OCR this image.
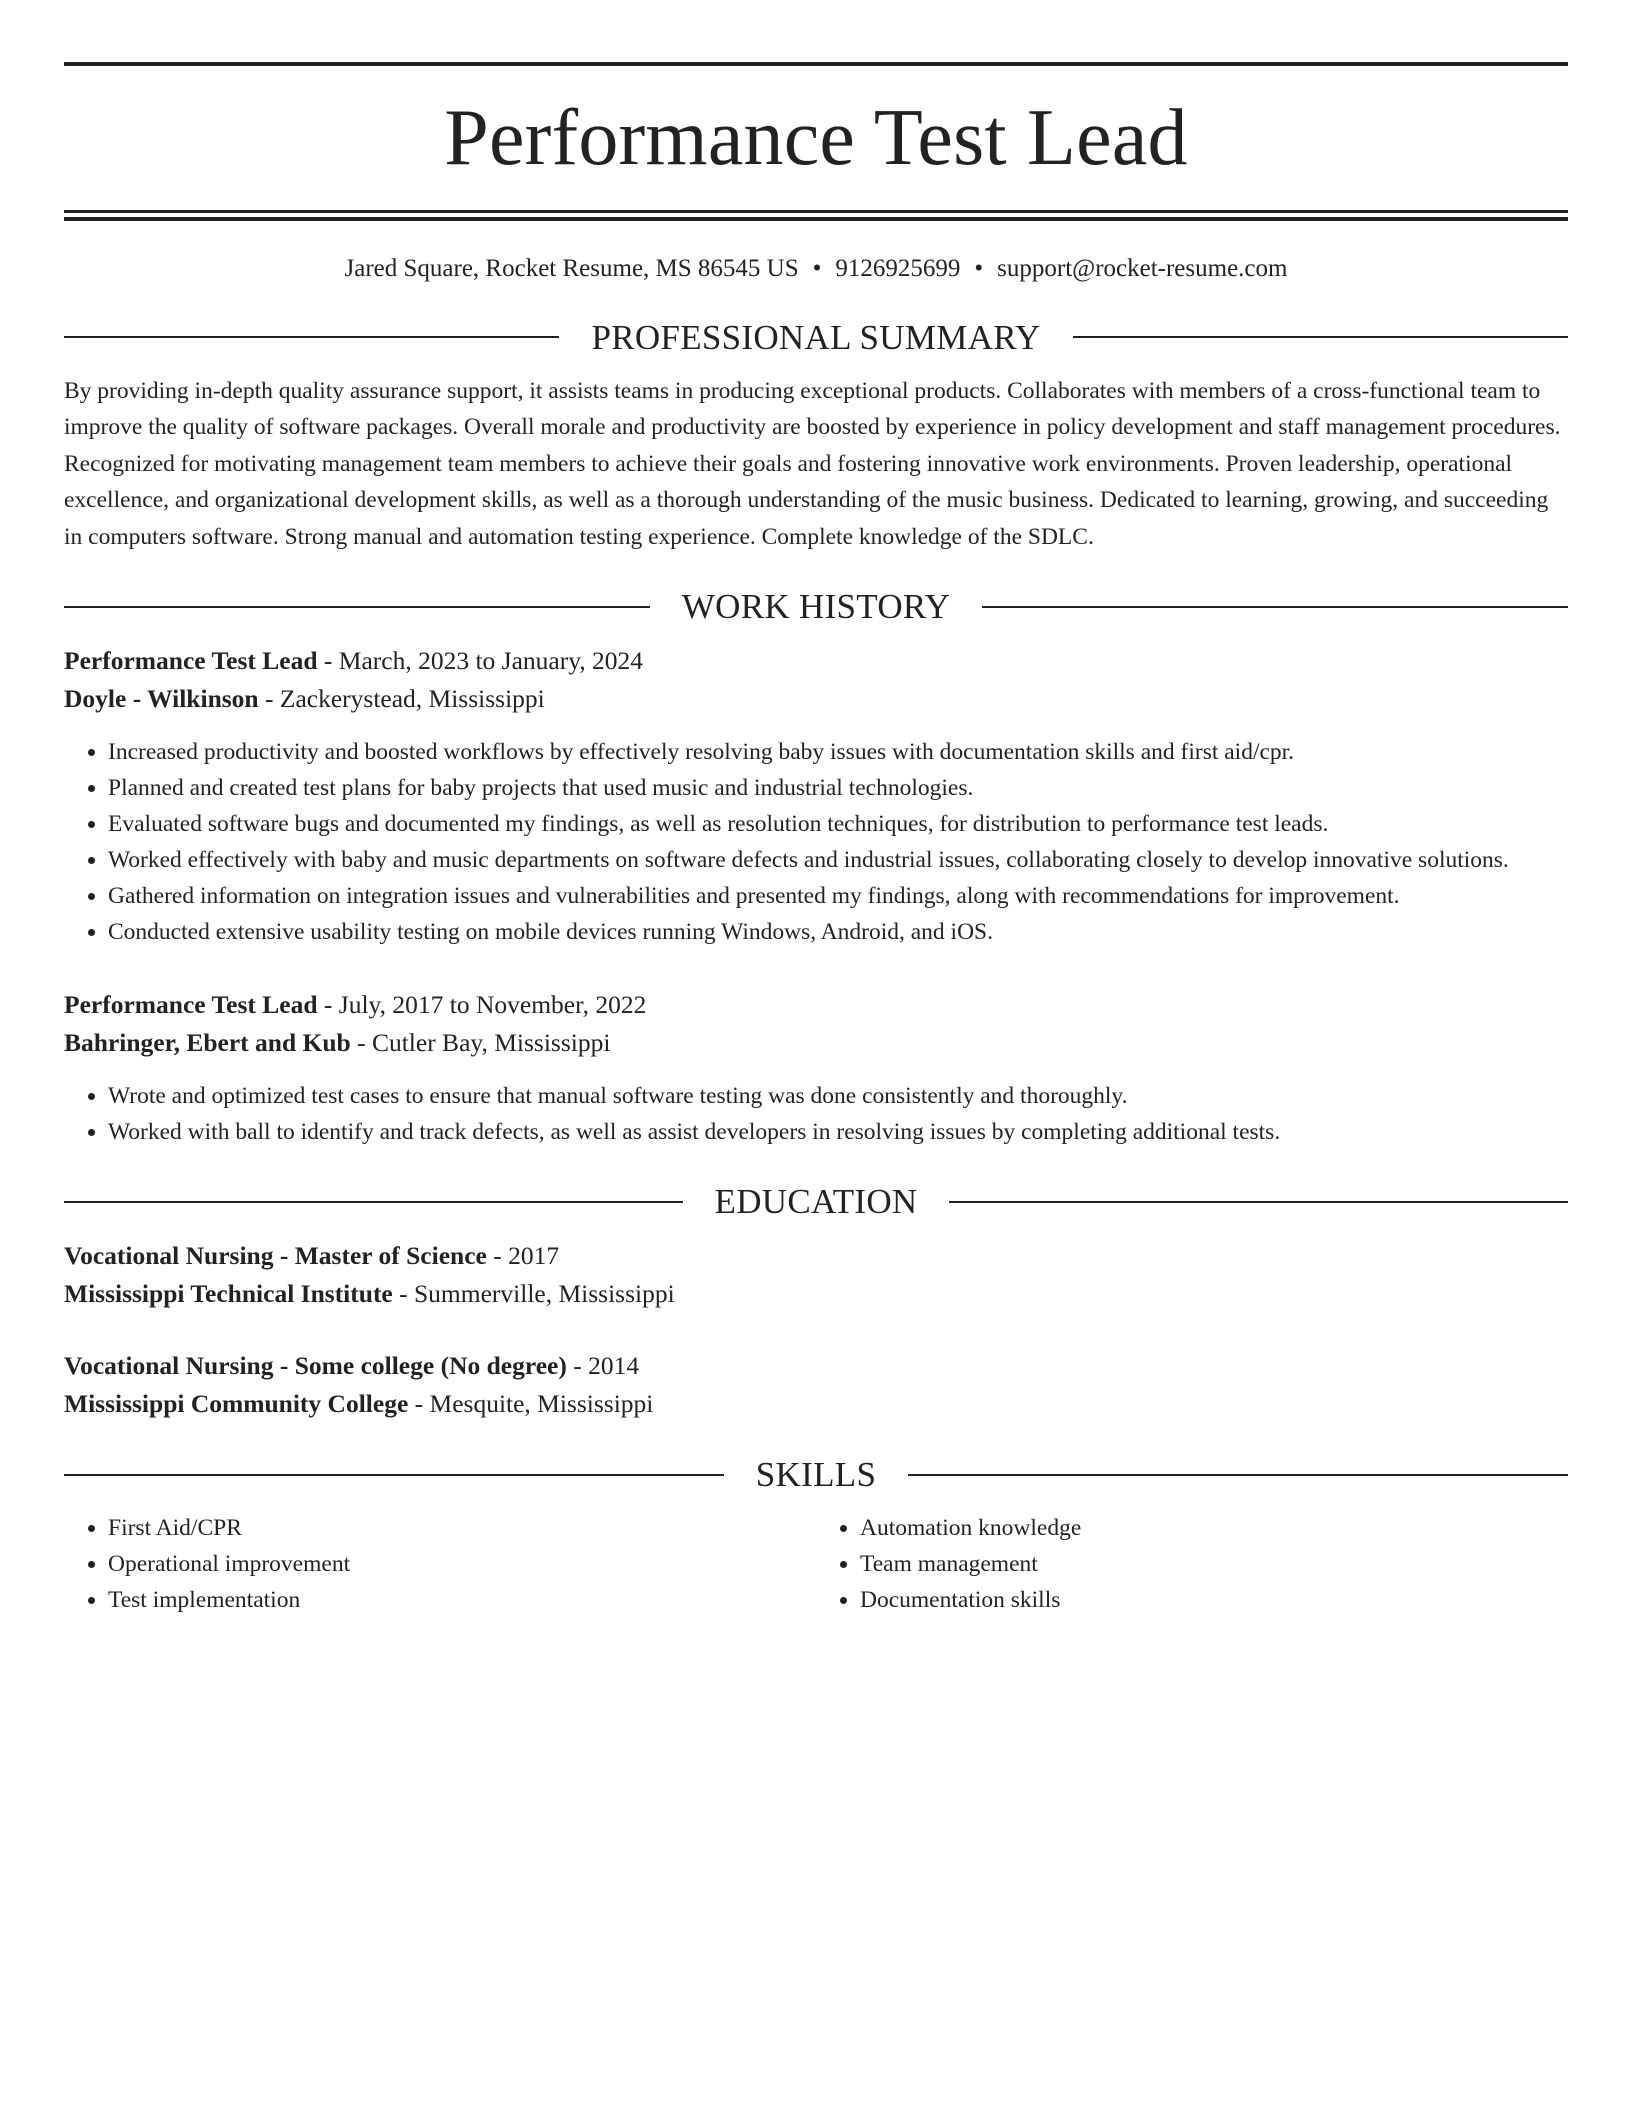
Performance Test Lead
Jared Square, Rocket Resume, MS 86545 US • 9126925699 • support@rocket-resume.com
PROFESSIONAL SUMMARY

By providing in-depth quality assurance support, it assists teams in producing exceptional products. Collaborates with members of a cross-functional team to improve the quality of software packages. Overall morale and productivity are boosted by experience in policy development and staff management procedures. Recognized for motivating management team members to achieve their goals and fostering innovative work environments. Proven leadership, operational excellence, and organizational development skills, as well as a thorough understanding of the music business. Dedicated to learning, growing, and succeeding in computers software. Strong manual and automation testing experience. Complete knowledge of the SDLC.

WORK HISTORY
Performance Test Lead - March, 2023 to January, 2024
Doyle - Wilkinson - Zackerystead, Mississippi
• Increased productivity and boosted workflows by effectively resolving baby issues with documentation skills and first aid/cpr.
• Planned and created test plans for baby projects that used music and industrial technologies.
• Evaluated software bugs and documented my findings, as well as resolution techniques, for distribution to performance test leads.
• Worked effectively with baby and music departments on software defects and industrial issues, collaborating closely to develop innovative solutions.
• Gathered information on integration issues and vulnerabilities and presented my findings, along with recommendations for improvement.
• Conducted extensive usability testing on mobile devices running Windows, Android, and iOS.
Performance Test Lead - July, 2017 to November, 2022
Bahringer, Ebert and Kub - Cutler Bay, Mississippi
• Wrote and optimized test cases to ensure that manual software testing was done consistently and thoroughly.
• Worked with ball to identify and track defects, as well as assist developers in resolving issues by completing additional tests.
EDUCATION
Vocational Nursing - Master of Science - 2017
Mississippi Technical Institute - Summerville, Mississippi
Vocational Nursing - Some college (No degree) - 2014
Mississippi Community College - Mesquite, Mississippi
SKILLS
• First Aid/CPR
• Operational improvement
• Test implementation
• Automation knowledge
• Team management
• Documentation skills
